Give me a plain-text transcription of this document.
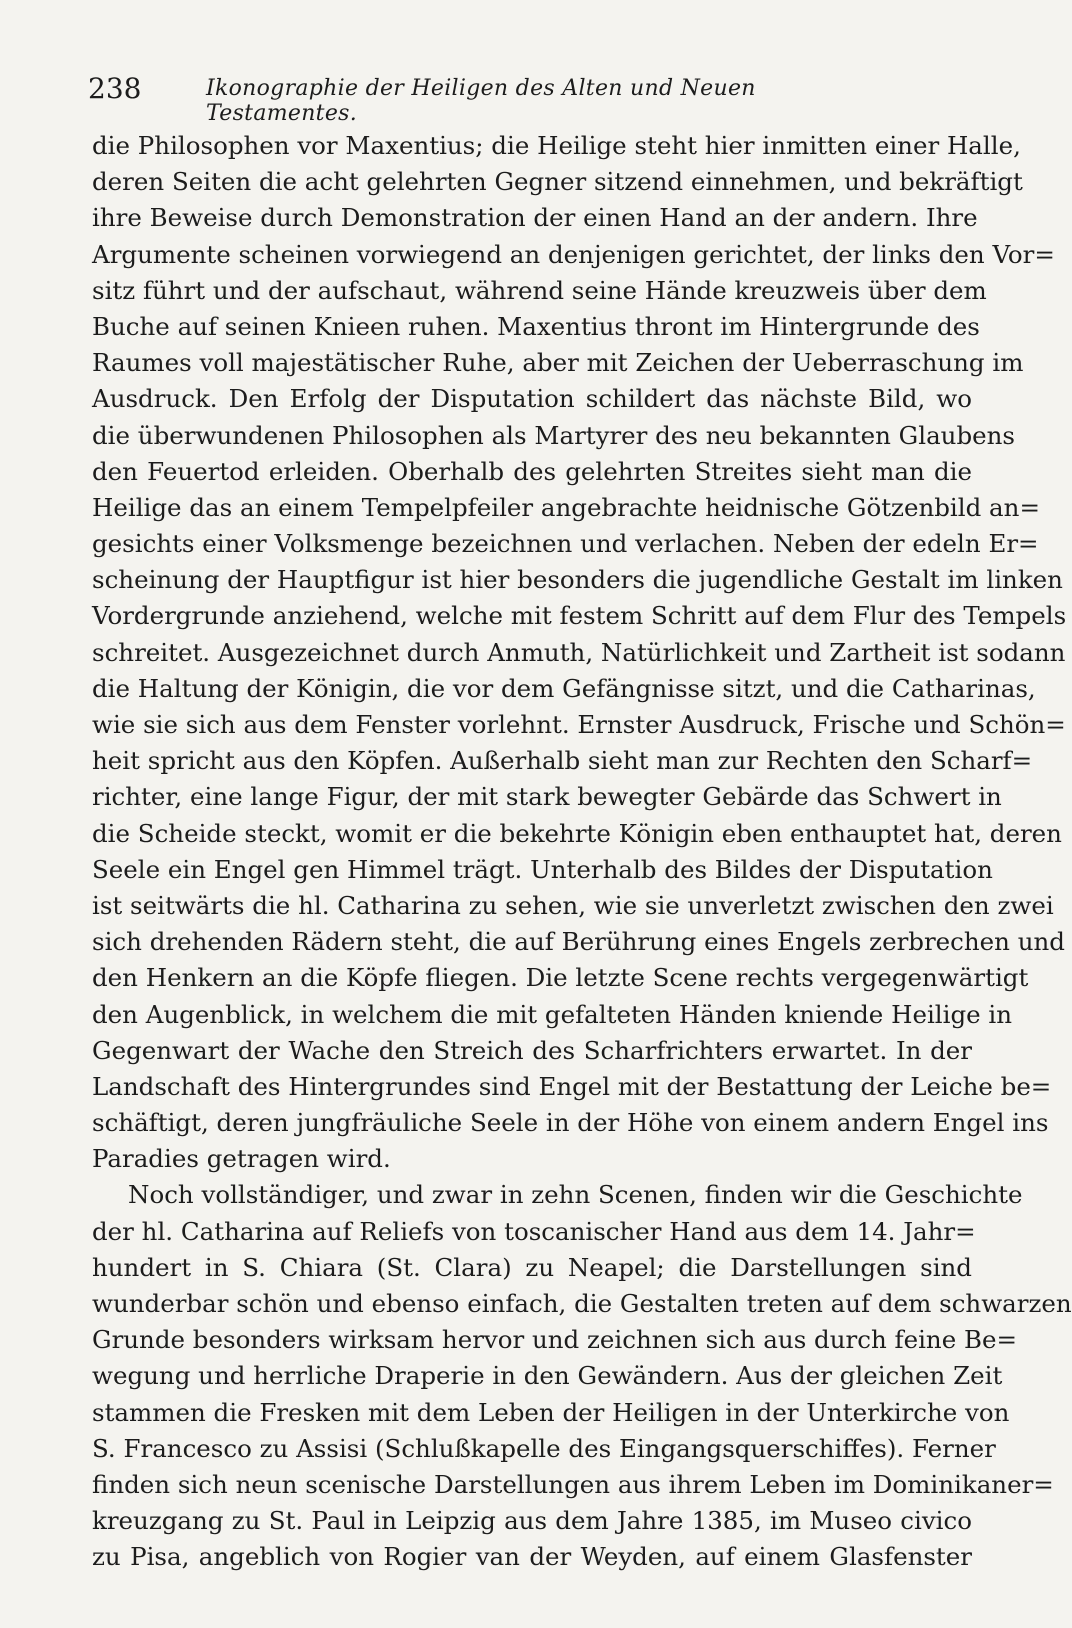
238	Ikonographie der Heiligen des Alten und Neuen Testamentes.
die Philosophen vor Maxentius; die Heilige steht hier inmitten einer Halle,
deren Seiten die acht gelehrten Gegner sitzend einnehmen, und bekräftigt
ihre Beweise durch Demonstration der einen Hand an der andern. Ihre
Argumente scheinen vorwiegend an denjenigen gerichtet, der links den Vor=
sitz führt und der aufschaut, während seine Hände kreuzweis über dem
Buche auf seinen Knieen ruhen. Maxentius thront im Hintergrunde des
Raumes voll majestätischer Ruhe, aber mit Zeichen der Ueberraschung im
Ausdruck. Den Erfolg der Disputation schildert das nächste Bild, wo
die überwundenen Philosophen als Martyrer des neu bekannten Glaubens
den Feuertod erleiden. Oberhalb des gelehrten Streites sieht man die
Heilige das an einem Tempelpfeiler angebrachte heidnische Götzenbild an=
gesichts einer Volksmenge bezeichnen und verlachen. Neben der edeln Er=
scheinung der Hauptfigur ist hier besonders die jugendliche Gestalt im linken
Vordergrunde anziehend, welche mit festem Schritt auf dem Flur des Tempels
schreitet. Ausgezeichnet durch Anmuth, Natürlichkeit und Zartheit ist sodann
die Haltung der Königin, die vor dem Gefängnisse sitzt, und die Catharinas,
wie sie sich aus dem Fenster vorlehnt. Ernster Ausdruck, Frische und Schön=
heit spricht aus den Köpfen. Außerhalb sieht man zur Rechten den Scharf=
richter, eine lange Figur, der mit stark bewegter Gebärde das Schwert in
die Scheide steckt, womit er die bekehrte Königin eben enthauptet hat, deren
Seele ein Engel gen Himmel trägt. Unterhalb des Bildes der Disputation
ist seitwärts die hl. Catharina zu sehen, wie sie unverletzt zwischen den zwei
sich drehenden Rädern steht, die auf Berührung eines Engels zerbrechen und
den Henkern an die Köpfe fliegen. Die letzte Scene rechts vergegenwärtigt
den Augenblick, in welchem die mit gefalteten Händen kniende Heilige in
Gegenwart der Wache den Streich des Scharfrichters erwartet. In der
Landschaft des Hintergrundes sind Engel mit der Bestattung der Leiche be=
schäftigt, deren jungfräuliche Seele in der Höhe von einem andern Engel ins
Paradies getragen wird.
Noch vollständiger, und zwar in zehn Scenen, finden wir die Geschichte
der hl. Catharina auf Reliefs von toscanischer Hand aus dem 14. Jahr=
hundert in S. Chiara (St. Clara) zu Neapel; die Darstellungen sind
wunderbar schön und ebenso einfach, die Gestalten treten auf dem schwarzen
Grunde besonders wirksam hervor und zeichnen sich aus durch feine Be=
wegung und herrliche Draperie in den Gewändern. Aus der gleichen Zeit
stammen die Fresken mit dem Leben der Heiligen in der Unterkirche von
S. Francesco zu Assisi (Schlußkapelle des Eingangsquerschiffes). Ferner
finden sich neun scenische Darstellungen aus ihrem Leben im Dominikaner=
kreuzgang zu St. Paul in Leipzig aus dem Jahre 1385, im Museo civico
zu Pisa, angeblich von Rogier van der Weyden, auf einem Glasfenster
